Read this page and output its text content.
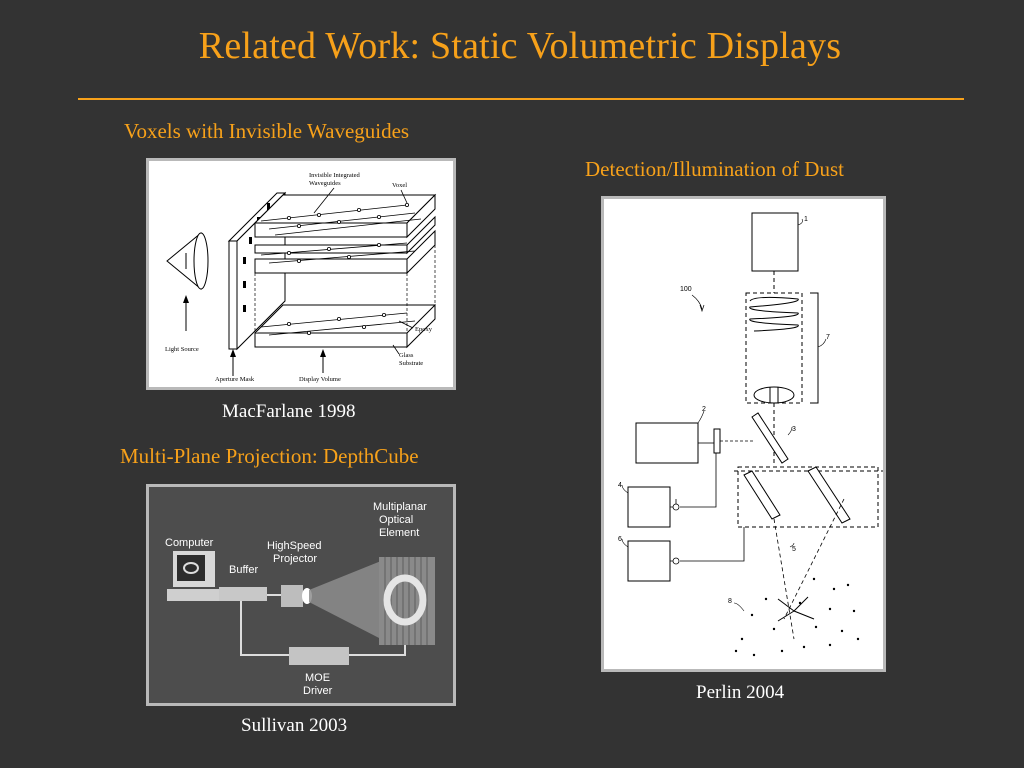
Related Work: Static Volumetric Displays
Voxels with Invisible Waveguides
Light Source
Aperture Mask
Invisible Integrated
Waveguides	Voxel
Epoxy
Glass
Substrate
Display Volume
MacFarlane 1998
Multi-Plane Projection: DepthCube
Computer
Buffer
HighSpeed
Projector
Multiplanar
Optical
Element
MOE
Driver
Sullivan 2003
Detection/Illumination of Dust
1
100
7
2
3
4
6
5
8
Perlin 2004
